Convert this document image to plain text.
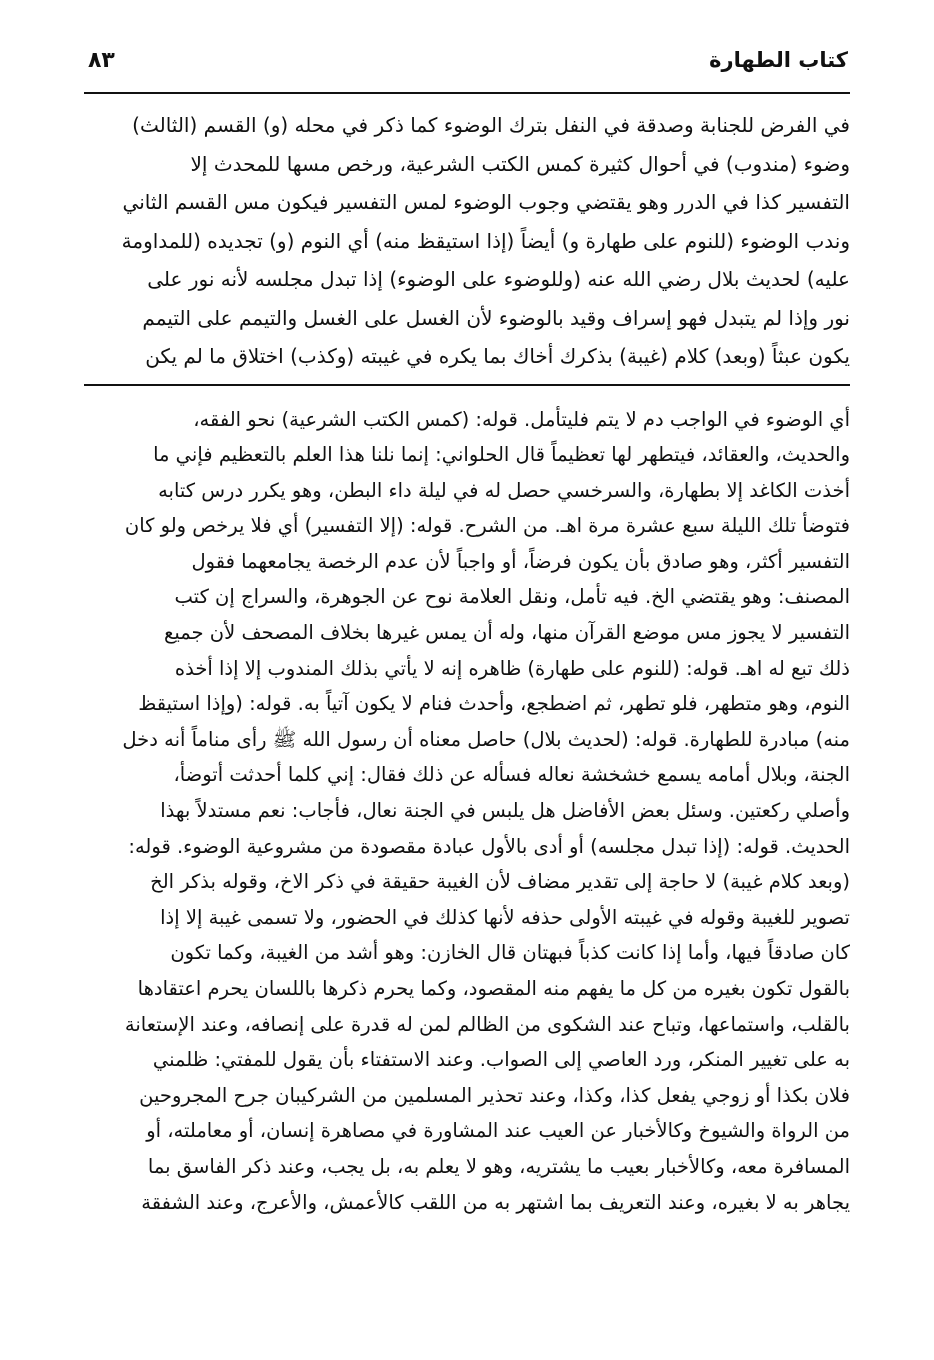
كتاب الطهارة
٨٣
في الفرض للجنابة وصدقة في النفل بترك الوضوء كما ذكر في محله (و) القسم (الثالث)
وضوء (مندوب) في أحوال كثيرة كمس الكتب الشرعية، ورخص مسها للمحدث إلا
التفسير كذا في الدرر وهو يقتضي وجوب الوضوء لمس التفسير فيكون مس القسم الثاني
وندب الوضوء (للنوم على طهارة و) أيضاً (إذا استيقظ منه) أي النوم (و) تجديده (للمداومة
عليه) لحديث بلال رضي الله عنه (وللوضوء على الوضوء) إذا تبدل مجلسه لأنه نور على
نور وإذا لم يتبدل فهو إسراف وقيد بالوضوء لأن الغسل على الغسل والتيمم على التيمم
يكون عبثاً (وبعد) كلام (غيبة) بذكرك أخاك بما يكره في غيبته (وكذب) اختلاق ما لم يكن
أي الوضوء في الواجب دم لا يتم فليتأمل. قوله: (كمس الكتب الشرعية) نحو الفقه،
والحديث، والعقائد، فيتطهر لها تعظيماً قال الحلواني: إنما نلنا هذا العلم بالتعظيم فإني ما
أخذت الكاغد إلا بطهارة، والسرخسي حصل له في ليلة داء البطن، وهو يكرر درس كتابه
فتوضأ تلك الليلة سبع عشرة مرة اهـ. من الشرح. قوله: (إلا التفسير) أي فلا يرخص ولو كان
التفسير أكثر، وهو صادق بأن يكون فرضاً، أو واجباً لأن عدم الرخصة يجامعهما فقول
المصنف: وهو يقتضي الخ. فيه تأمل، ونقل العلامة نوح عن الجوهرة، والسراج إن كتب
التفسير لا يجوز مس موضع القرآن منها، وله أن يمس غيرها بخلاف المصحف لأن جميع
ذلك تبع له اهـ. قوله: (للنوم على طهارة) ظاهره إنه لا يأتي بذلك المندوب إلا إذا أخذه
النوم، وهو متطهر، فلو تطهر، ثم اضطجع، وأحدث فنام لا يكون آتياً به. قوله: (وإذا استيقظ
منه) مبادرة للطهارة. قوله: (لحديث بلال) حاصل معناه أن رسول الله ﷺ رأى مناماً أنه دخل
الجنة، وبلال أمامه يسمع خشخشة نعاله فسأله عن ذلك فقال: إني كلما أحدثت أتوضأ،
وأصلي ركعتين. وسئل بعض الأفاضل هل يلبس في الجنة نعال، فأجاب: نعم مستدلاً بهذا
الحديث. قوله: (إذا تبدل مجلسه) أو أدى بالأول عبادة مقصودة من مشروعية الوضوء. قوله:
(وبعد كلام غيبة) لا حاجة إلى تقدير مضاف لأن الغيبة حقيقة في ذكر الاخ، وقوله بذكر الخ
تصوير للغيبة وقوله في غيبته الأولى حذفه لأنها كذلك في الحضور، ولا تسمى غيبة إلا إذا
كان صادقاً فيها، وأما إذا كانت كذباً فبهتان قال الخازن: وهو أشد من الغيبة، وكما تكون
بالقول تكون بغيره من كل ما يفهم منه المقصود، وكما يحرم ذكرها باللسان يحرم اعتقادها
بالقلب، واستماعها، وتباح عند الشكوى من الظالم لمن له قدرة على إنصافه، وعند الإستعانة
به على تغيير المنكر، ورد العاصي إلى الصواب. وعند الاستفتاء بأن يقول للمفتي: ظلمني
فلان بكذا أو زوجي يفعل كذا، وكذا، وعند تحذير المسلمين من الشركيبان جرح المجروحين
من الرواة والشيوخ وكالأخبار عن العيب عند المشاورة في مصاهرة إنسان، أو معاملته، أو
المسافرة معه، وكالأخبار بعيب ما يشتريه، وهو لا يعلم به، بل يجب، وعند ذكر الفاسق بما
يجاهر به لا بغيره، وعند التعريف بما اشتهر به من اللقب كالأعمش، والأعرج، وعند الشفقة
